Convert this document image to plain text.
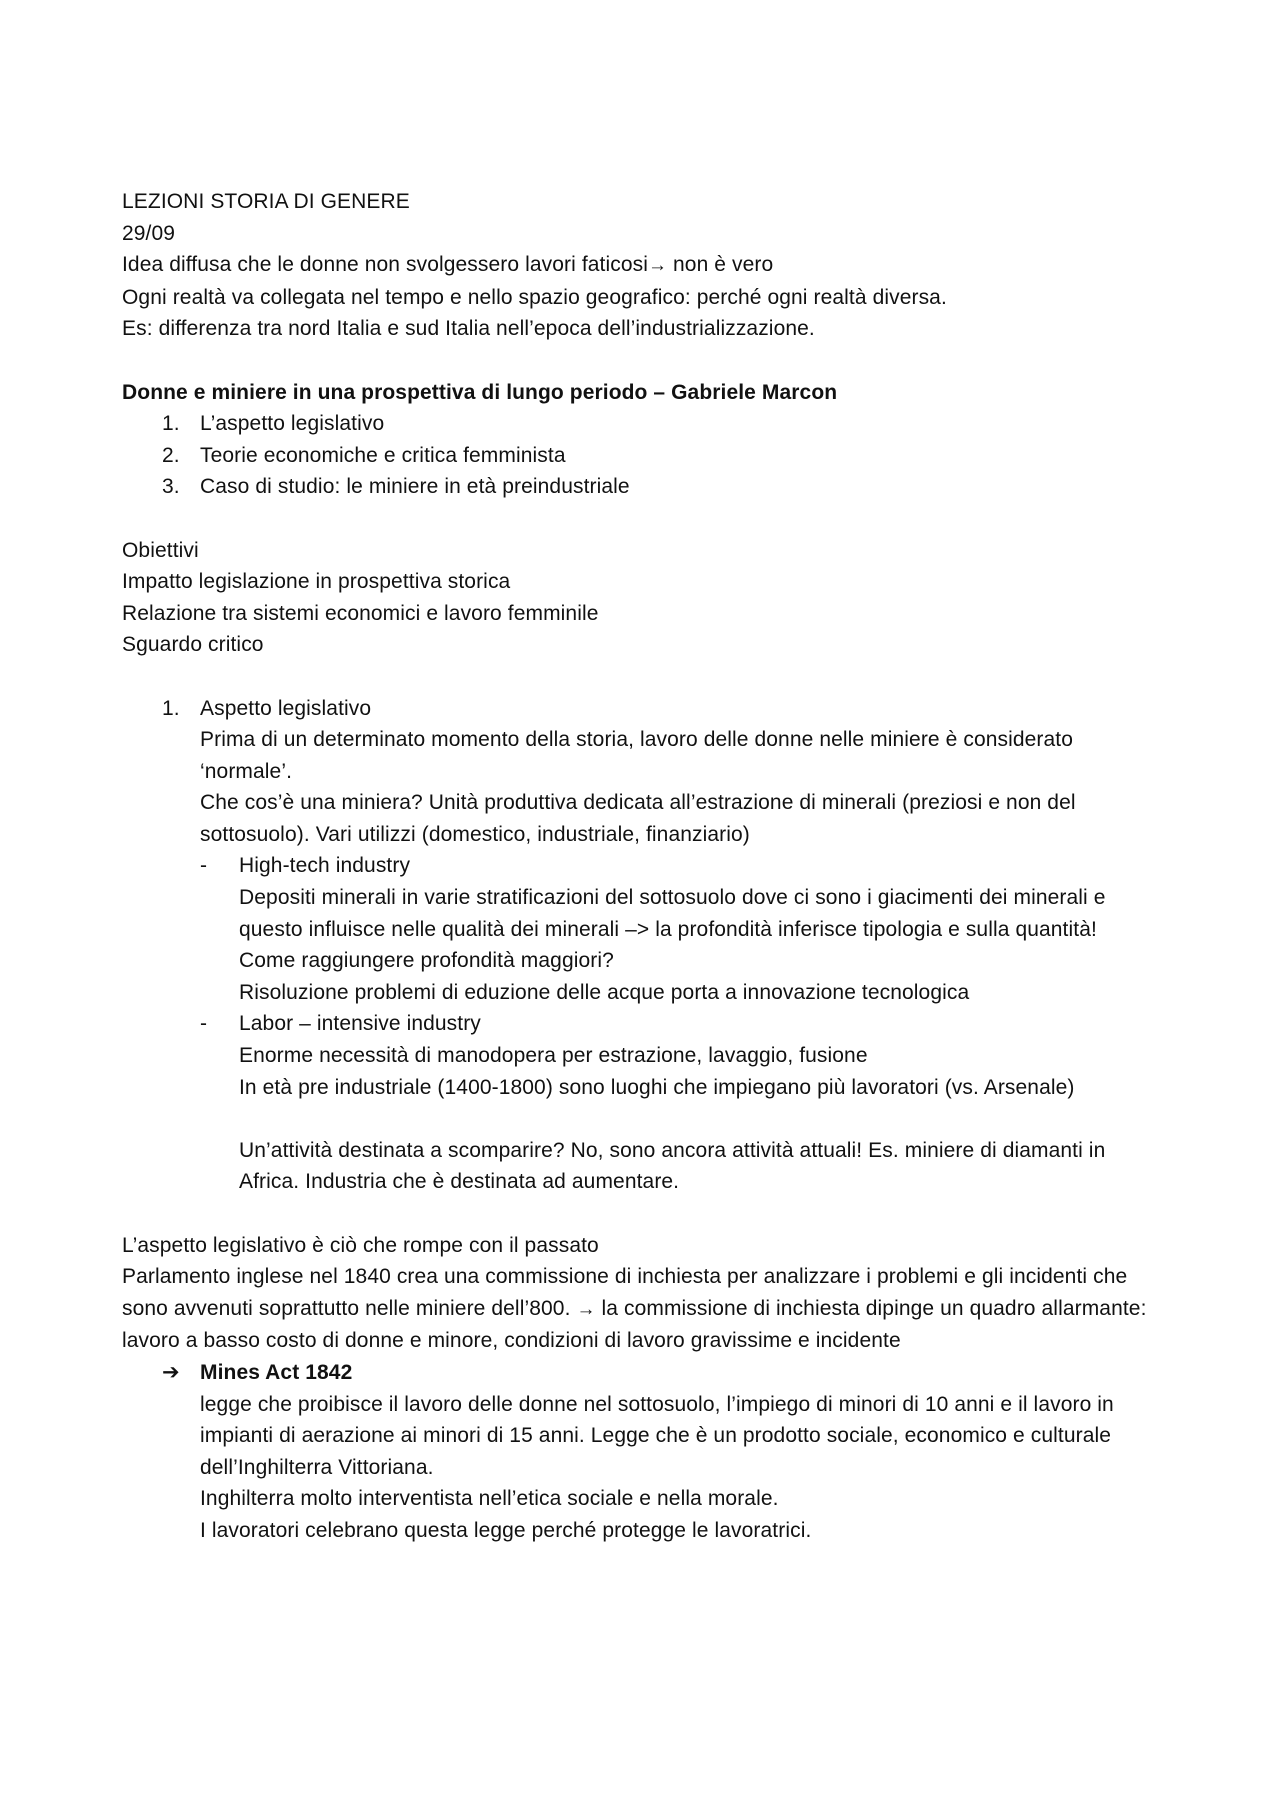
LEZIONI STORIA DI GENERE
29/09
Idea diffusa che le donne non svolgessero lavori faticosi→ non è vero
Ogni realtà va collegata nel tempo e nello spazio geografico: perché ogni realtà diversa.
Es: differenza tra nord Italia e sud Italia nell’epoca dell’industrializzazione.
Donne e miniere in una prospettiva di lungo periodo – Gabriele Marcon
1. L’aspetto legislativo
2. Teorie economiche e critica femminista
3. Caso di studio: le miniere in età preindustriale
Obiettivi
Impatto legislazione in prospettiva storica
Relazione tra sistemi economici e lavoro femminile
Sguardo critico
1. Aspetto legislativo
Prima di un determinato momento della storia, lavoro delle donne nelle miniere è considerato ‘normale’.
Che cos’è una miniera? Unità produttiva dedicata all’estrazione di minerali (preziosi e non del sottosuolo). Vari utilizzi (domestico, industriale, finanziario)
-	High-tech industry
Depositi minerali in varie stratificazioni del sottosuolo dove ci sono i giacimenti dei minerali e questo influisce nelle qualità dei minerali –> la profondità inferisce tipologia e sulla quantità!
Come raggiungere profondità maggiori?
Risoluzione problemi di eduzione delle acque porta a innovazione tecnologica
-	Labor – intensive industry
Enorme necessità di manodopera per estrazione, lavaggio, fusione
In età pre industriale (1400-1800) sono luoghi che impiegano più lavoratori (vs. Arsenale)
Un’attività destinata a scomparire? No, sono ancora attività attuali! Es. miniere di diamanti in Africa. Industria che è destinata ad aumentare.
L’aspetto legislativo è ciò che rompe con il passato
Parlamento inglese nel 1840 crea una commissione di inchiesta per analizzare i problemi e gli incidenti che sono avvenuti soprattutto nelle miniere dell’800. → la commissione di inchiesta dipinge un quadro allarmante: lavoro a basso costo di donne e minore, condizioni di lavoro gravissime e incidente
➔ Mines Act 1842
legge che proibisce il lavoro delle donne nel sottosuolo, l’impiego di minori di 10 anni e il lavoro in impianti di aerazione ai minori di 15 anni. Legge che è un prodotto sociale, economico e culturale dell’Inghilterra Vittoriana.
Inghilterra molto interventista nell’etica sociale e nella morale.
I lavoratori celebrano questa legge perché protegge le lavoratrici.
